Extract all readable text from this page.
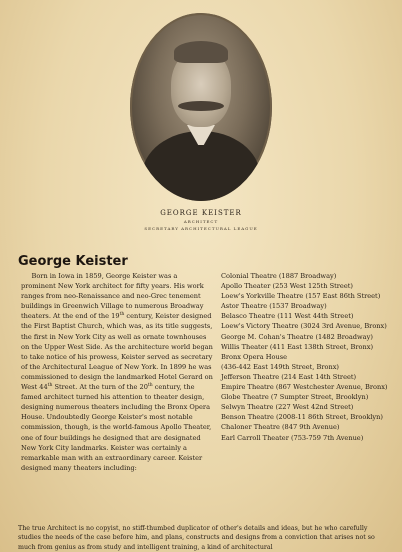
GEORGE KEISTER
ARCHITECT
SECRETARY ARCHITECTURAL LEAGUE
George Keister
Born in Iowa in 1859, George Keister was a prominent New York architect for fifty years. His work ranges from neo-Renaissance and neo-Grec tenement buildings in Greenwich Village to numerous Broadway theaters. At the end of the 19th century, Keister designed the First Baptist Church, which was, as its title suggests, the first in New York City as well as ornate townhouses on the Upper West Side. As the architecture world began to take notice of his prowess, Keister served as secretary of the Architectural League of New York. In 1899 he was commissioned to design the landmarked Hotel Gerard on West 44th Street. At the turn of the 20th century, the famed architect turned his attention to theater design, designing numerous theaters including the Bronx Opera House. Undoubtedly George Keister's most notable commission, though, is the world-famous Apollo Theater, one of four buildings he designed that are designated New York City landmarks. Keister was certainly a remarkable man with an extraordinary career. Keister designed many theaters including:
Colonial Theatre (1887 Broadway)
Apollo Theater (253 West 125th Street)
Loew's Yorkville Theatre (157 East 86th Street)
Astor Theatre (1537 Broadway)
Belasco Theatre (111 West 44th Street)
Loew's Victory Theatre (3024 3rd Avenue, Bronx)
George M. Cohan's Theatre (1482 Broadway)
Willis Theater (411 East 138th Street, Bronx)
Bronx Opera House
(436-442 East 149th Street, Bronx)
Jefferson Theatre (214 East 14th Street)
Empire Theatre (867 Westchester Avenue, Bronx)
Globe Theatre (7 Sumpter Street, Brooklyn)
Selwyn Theatre (227 West 42nd Street)
Benson Theatre (2008-11 86th Street, Brooklyn)
Chaloner Theatre (847 9th Avenue)
Earl Carroll Theater (753-759 7th Avenue)
The true Architect is no copyist, no stiff-thumbed duplicator of other's details and ideas, but he who carefully studies the needs of the case before him, and plans, constructs and designs from a conviction that arises not so much from genius as from study and intelligent training, a kind of architectural
